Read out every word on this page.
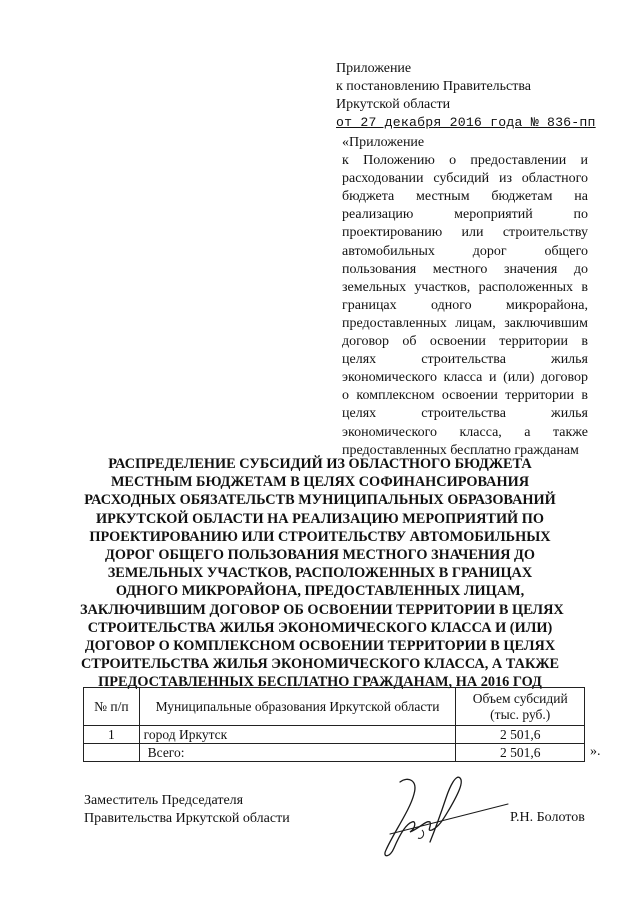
Приложение
к постановлению Правительства
Иркутской области
от 27 декабря 2016 года № 836-пп
«Приложение
к Положению о предоставлении и
расходовании субсидий из областного
бюджета местным бюджетам на
реализацию мероприятий по
проектированию или строительству
автомобильных дорог общего
пользования местного значения до
земельных участков, расположенных в
границах одного микрорайона,
предоставленных лицам, заключившим
договор об освоении территории в
целях строительства жилья
экономического класса и (или) договор
о комплексном освоении территории в
целях строительства жилья
экономического класса, а также
предоставленных бесплатно гражданам
РАСПРЕДЕЛЕНИЕ СУБСИДИЙ ИЗ ОБЛАСТНОГО БЮДЖЕТА
МЕСТНЫМ БЮДЖЕТАМ В ЦЕЛЯХ СОФИНАНСИРОВАНИЯ
РАСХОДНЫХ ОБЯЗАТЕЛЬСТВ МУНИЦИПАЛЬНЫХ ОБРАЗОВАНИЙ
ИРКУТСКОЙ ОБЛАСТИ НА РЕАЛИЗАЦИЮ МЕРОПРИЯТИЙ ПО
ПРОЕКТИРОВАНИЮ ИЛИ СТРОИТЕЛЬСТВУ АВТОМОБИЛЬНЫХ
ДОРОГ ОБЩЕГО ПОЛЬЗОВАНИЯ МЕСТНОГО ЗНАЧЕНИЯ ДО
ЗЕМЕЛЬНЫХ УЧАСТКОВ, РАСПОЛОЖЕННЫХ В ГРАНИЦАХ
ОДНОГО МИКРОРАЙОНА, ПРЕДОСТАВЛЕННЫХ ЛИЦАМ,
ЗАКЛЮЧИВШИМ ДОГОВОР ОБ ОСВОЕНИИ ТЕРРИТОРИИ В ЦЕЛЯХ
СТРОИТЕЛЬСТВА ЖИЛЬЯ ЭКОНОМИЧЕСКОГО КЛАССА И (ИЛИ)
ДОГОВОР О КОМПЛЕКСНОМ ОСВОЕНИИ ТЕРРИТОРИИ В ЦЕЛЯХ
СТРОИТЕЛЬСТВА ЖИЛЬЯ ЭКОНОМИЧЕСКОГО КЛАССА, А ТАКЖЕ
ПРЕДОСТАВЛЕННЫХ БЕСПЛАТНО ГРАЖДАНАМ, НА 2016 ГОД
№ п/п	Муниципальные образования Иркутской области	Объем субсидий (тыс. руб.)
1	город Иркутск	2 501,6
	Всего:	2 501,6	».
Заместитель Председателя
Правительства Иркутской области	Р.Н. Болотов
